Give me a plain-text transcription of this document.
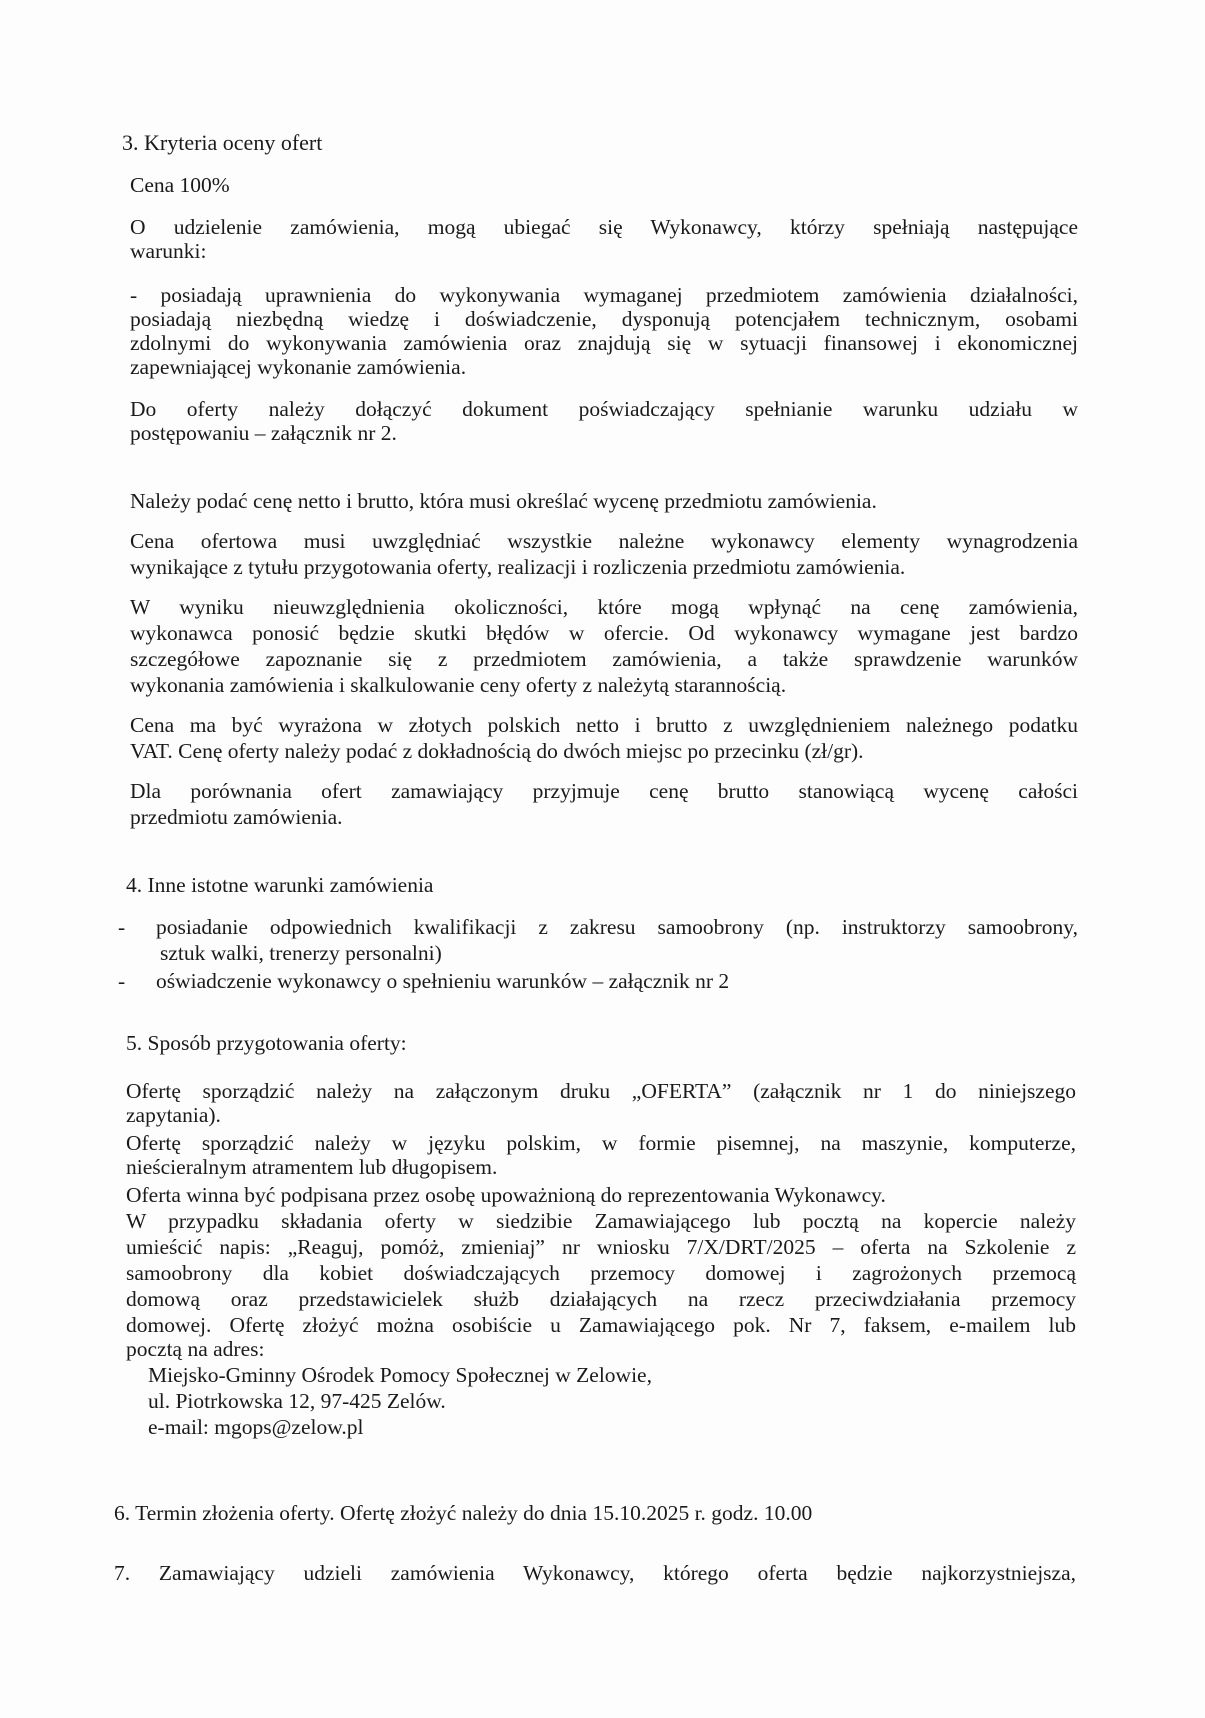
3. Kryteria oceny ofert
Cena 100%
O udzielenie zamówienia, mogą ubiegać się Wykonawcy, którzy spełniają następujące
warunki:
- posiadają uprawnienia do wykonywania wymaganej przedmiotem zamówienia działalności,
posiadają niezbędną wiedzę i doświadczenie, dysponują potencjałem technicznym, osobami
zdolnymi do wykonywania zamówienia oraz znajdują się w sytuacji finansowej i ekonomicznej
zapewniającej wykonanie zamówienia.
Do oferty należy dołączyć dokument poświadczający spełnianie warunku udziału w
postępowaniu – załącznik nr 2.
Należy podać cenę netto i brutto, która musi określać wycenę przedmiotu zamówienia.
Cena ofertowa musi uwzględniać wszystkie należne wykonawcy elementy wynagrodzenia
wynikające z tytułu przygotowania oferty, realizacji i rozliczenia przedmiotu zamówienia.
W wyniku nieuwzględnienia okoliczności, które mogą wpłynąć na cenę zamówienia,
wykonawca ponosić będzie skutki błędów w ofercie. Od wykonawcy wymagane jest bardzo
szczegółowe zapoznanie się z przedmiotem zamówienia, a także sprawdzenie warunków
wykonania zamówienia i skalkulowanie ceny oferty z należytą starannością.
Cena ma być wyrażona w złotych polskich netto i brutto z uwzględnieniem należnego podatku
VAT. Cenę oferty należy podać z dokładnością do dwóch miejsc po przecinku (zł/gr).
Dla porównania ofert zamawiający przyjmuje cenę brutto stanowiącą wycenę całości
przedmiotu zamówienia.
4. Inne istotne warunki zamówienia
- posiadanie odpowiednich kwalifikacji z zakresu samoobrony (np. instruktorzy samoobrony,
sztuk walki, trenerzy personalni)
- oświadczenie wykonawcy o spełnieniu warunków – załącznik nr 2
5. Sposób przygotowania oferty:
Ofertę sporządzić należy na załączonym druku „OFERTA” (załącznik nr 1 do niniejszego
zapytania).
Ofertę sporządzić należy w języku polskim, w formie pisemnej, na maszynie, komputerze,
nieścieralnym atramentem lub długopisem.
Oferta winna być podpisana przez osobę upoważnioną do reprezentowania Wykonawcy.
W przypadku składania oferty w siedzibie Zamawiającego lub pocztą na kopercie należy
umieścić napis: „Reaguj, pomóż, zmieniaj” nr wniosku 7/X/DRT/2025 – oferta na Szkolenie z
samoobrony dla kobiet doświadczających przemocy domowej i zagrożonych przemocą
domową oraz przedstawicielek służb działających na rzecz przeciwdziałania przemocy
domowej. Ofertę złożyć można osobiście u Zamawiającego pok. Nr 7, faksem, e-mailem lub
pocztą na adres:
Miejsko-Gminny Ośrodek Pomocy Społecznej w Zelowie,
ul. Piotrkowska 12, 97-425 Zelów.
e-mail: mgops@zelow.pl
6. Termin złożenia oferty. Ofertę złożyć należy do dnia 15.10.2025 r. godz. 10.00
7. Zamawiający udzieli zamówienia Wykonawcy, którego oferta będzie najkorzystniejsza,
